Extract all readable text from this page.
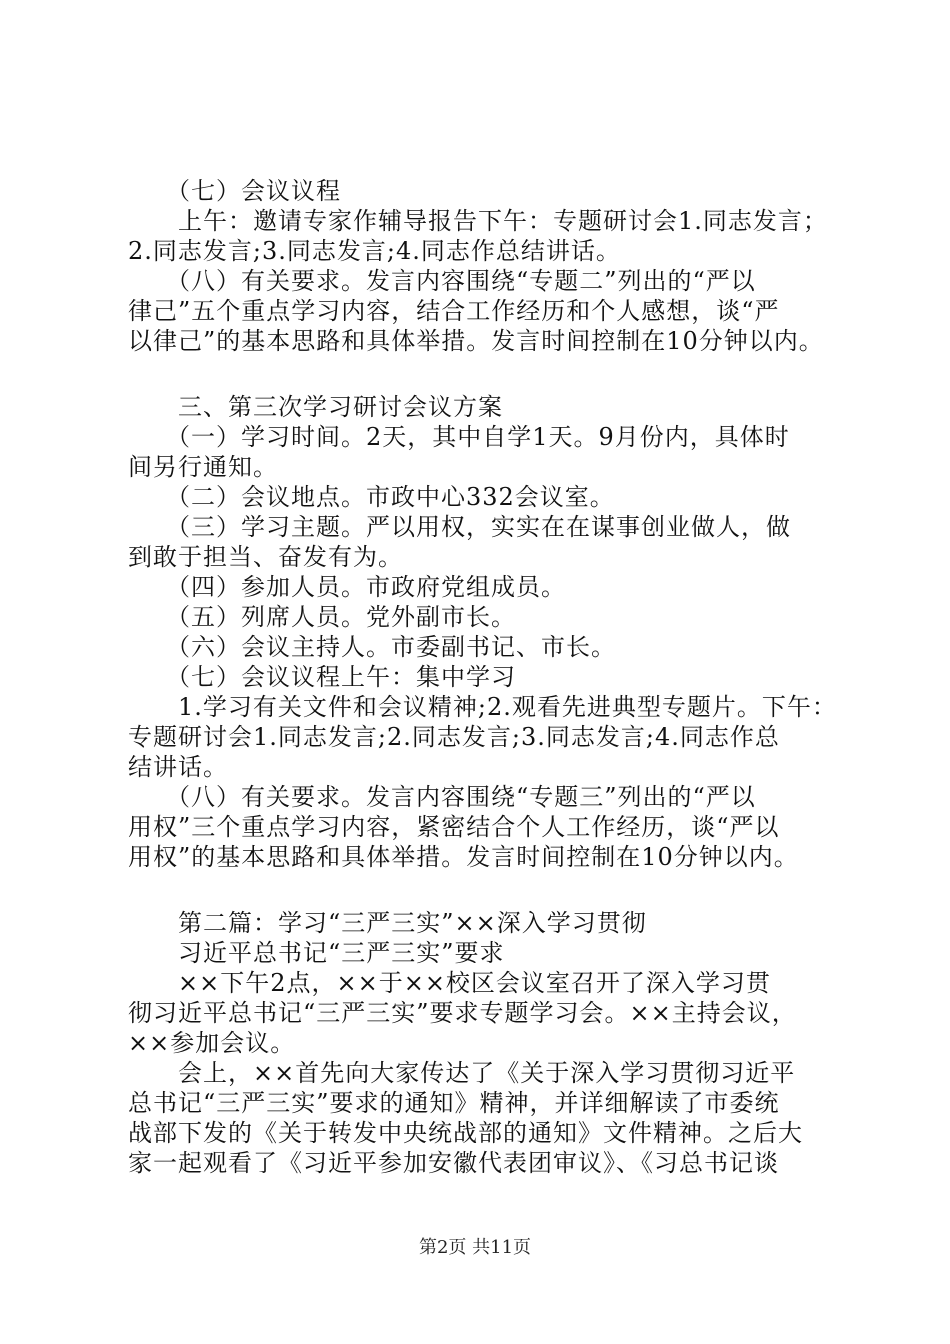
　　（七）会议议程
　　上午：邀请专家作辅导报告下午：专题研讨会1.同志发言；
2.同志发言;3.同志发言;4.同志作总结讲话。
　　（八）有关要求。发言内容围绕“专题二”列出的“严以
律己”五个重点学习内容，结合工作经历和个人感想，谈“严
以律己”的基本思路和具体举措。发言时间控制在10分钟以内。
　　三、第三次学习研讨会议方案
　　（一）学习时间。2天，其中自学1天。9月份内，具体时
间另行通知。
　　（二）会议地点。市政中心332会议室。
　　（三）学习主题。严以用权，实实在在谋事创业做人，做
到敢于担当、奋发有为。
　　（四）参加人员。市政府党组成员。
　　（五）列席人员。党外副市长。
　　（六）会议主持人。市委副书记、市长。
　　（七）会议议程上午：集中学习
　　1.学习有关文件和会议精神;2.观看先进典型专题片。下午：
专题研讨会1.同志发言;2.同志发言;3.同志发言;4.同志作总
结讲话。
　　（八）有关要求。发言内容围绕“专题三”列出的“严以
用权”三个重点学习内容，紧密结合个人工作经历，谈“严以
用权”的基本思路和具体举措。发言时间控制在10分钟以内。
　　第二篇：学习“三严三实”××深入学习贯彻
　　习近平总书记“三严三实”要求
　　××下午2点，××于××校区会议室召开了深入学习贯
彻习近平总书记“三严三实”要求专题学习会。××主持会议，
××参加会议。
　　会上，××首先向大家传达了《关于深入学习贯彻习近平
总书记“三严三实”要求的通知》精神，并详细解读了市委统
战部下发的《关于转发中央统战部的通知》文件精神。之后大
家一起观看了《习近平参加安徽代表团审议》、《习总书记谈
第2页 共11页
